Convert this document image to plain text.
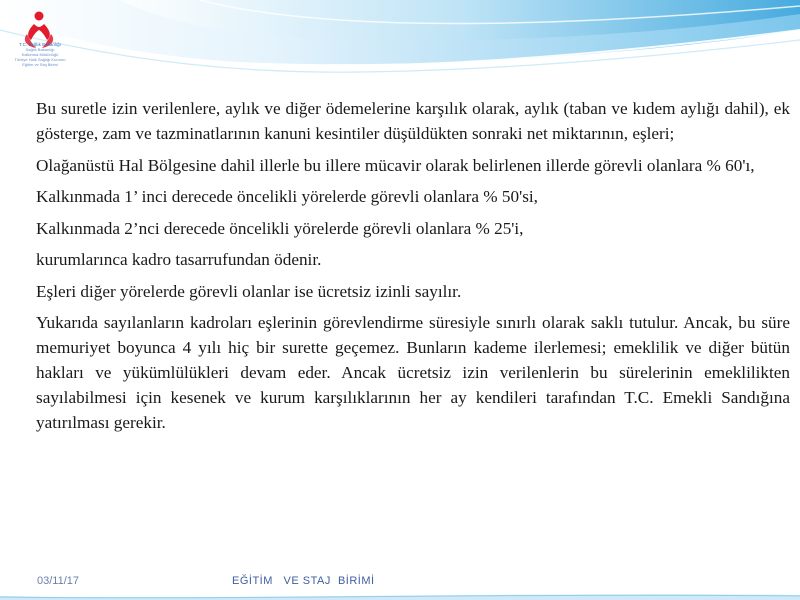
T.C. Sağlık Bakanlığı
Sağlık Bakanlığı
Kalkınma Müdürlüğü
Türkiye Halk Sağlığı Kurumu
Eğitim ve Staj Birimi

Bu suretle izin verilenlere, aylık ve diğer ödemelerine karşılık olarak, aylık (taban ve kıdem aylığı dahil), ek gösterge, zam ve tazminatlarının kanuni kesintiler düşüldükten sonraki net miktarının, eşleri;

Olağanüstü Hal Bölgesine dahil illerle bu illere mücavir olarak belirlenen illerde görevli olanlara % 60'ı,

Kalkınmada 1’ inci derecede öncelikli yörelerde görevli olanlara % 50'si,

Kalkınmada 2’nci derecede öncelikli yörelerde görevli olanlara % 25'i,

kurumlarınca kadro tasarrufundan ödenir.

Eşleri diğer yörelerde görevli olanlar ise ücretsiz izinli sayılır.

Yukarıda sayılanların kadroları eşlerinin görevlendirme süresiyle sınırlı olarak saklı tutulur. Ancak, bu süre memuriyet boyunca 4 yılı hiç bir surette geçemez. Bunların kademe ilerlemesi; emeklilik ve diğer bütün hakları ve yükümlülükleri devam eder. Ancak ücretsiz izin verilenlerin bu sürelerinin emeklilikten sayılabilmesi için kesenek ve kurum karşılıklarının her ay kendileri tarafından T.C. Emekli Sandığına yatırılması gerekir.

03/11/17	EĞİTİM   VE STAJ  BİRİMİ
